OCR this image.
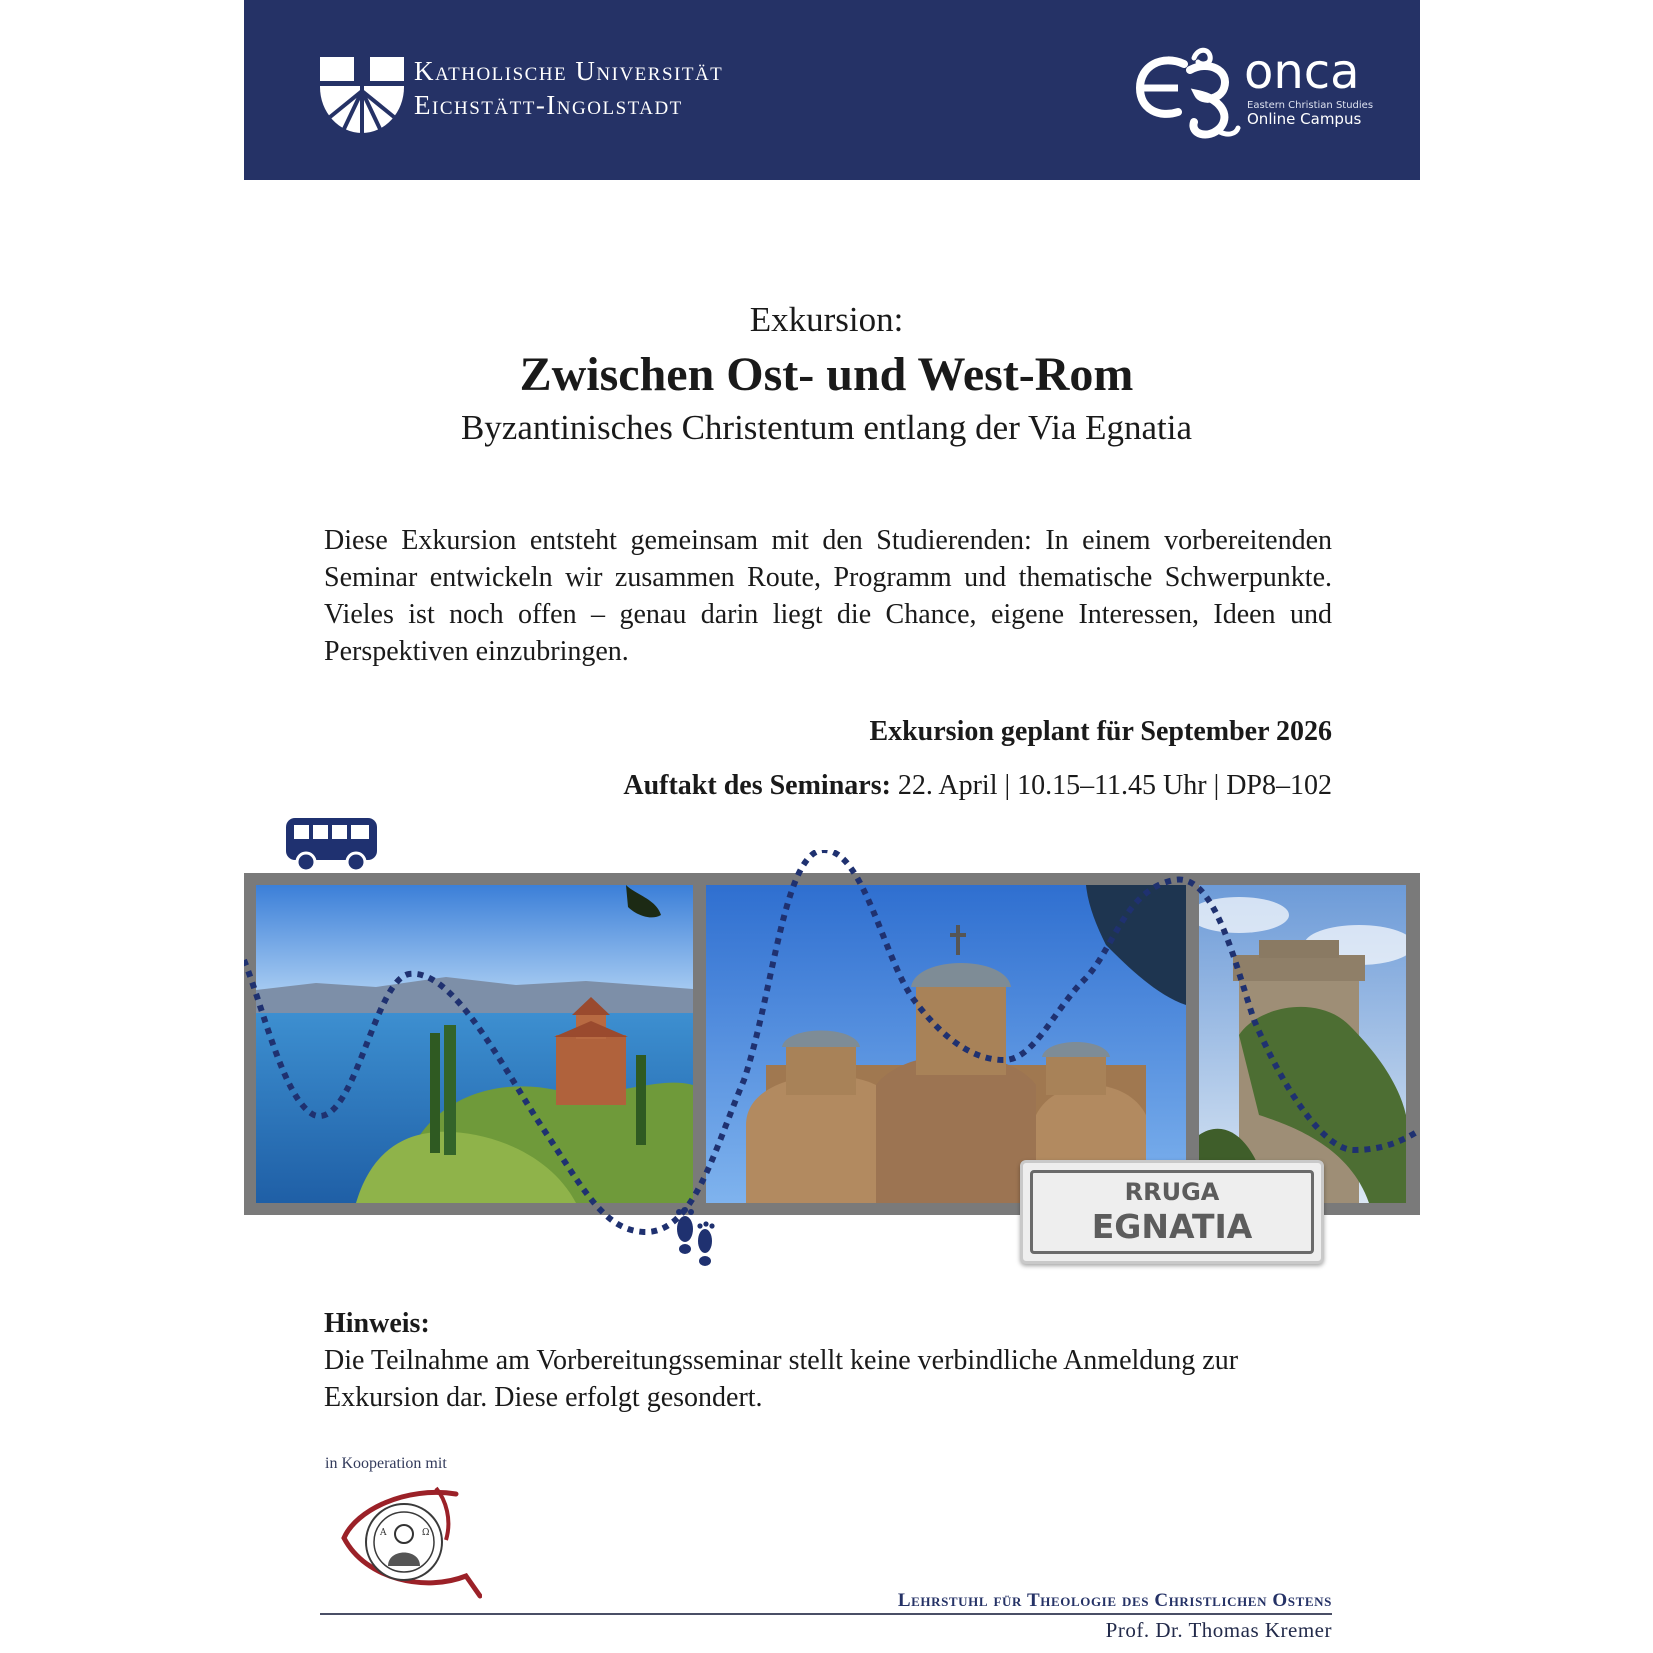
Katholische Universität
Eichstätt-Ingolstadt
onca
Eastern Christian Studies
Online Campus
Exkursion:
Zwischen Ost- und West-Rom
Byzantinisches Christentum entlang der Via Egnatia
Diese Exkursion entsteht gemeinsam mit den Studierenden: In einem vorbereitenden Seminar entwickeln wir zusammen Route, Programm und thematische Schwerpunkte. Vieles ist noch offen – genau darin liegt die Chance, eigene Interessen, Ideen und Perspektiven einzubringen.
Exkursion geplant für September 2026
Auftakt des Seminars: 22. April | 10.15–11.45 Uhr | DP8–102
RRUGA
EGNATIA
Hinweis:
Die Teilnahme am Vorbereitungsseminar stellt keine verbindliche Anmeldung zur Exkursion dar. Diese erfolgt gesondert.
in Kooperation mit
A	Ω
Lehrstuhl für Theologie des Christlichen Ostens
Prof. Dr. Thomas Kremer
